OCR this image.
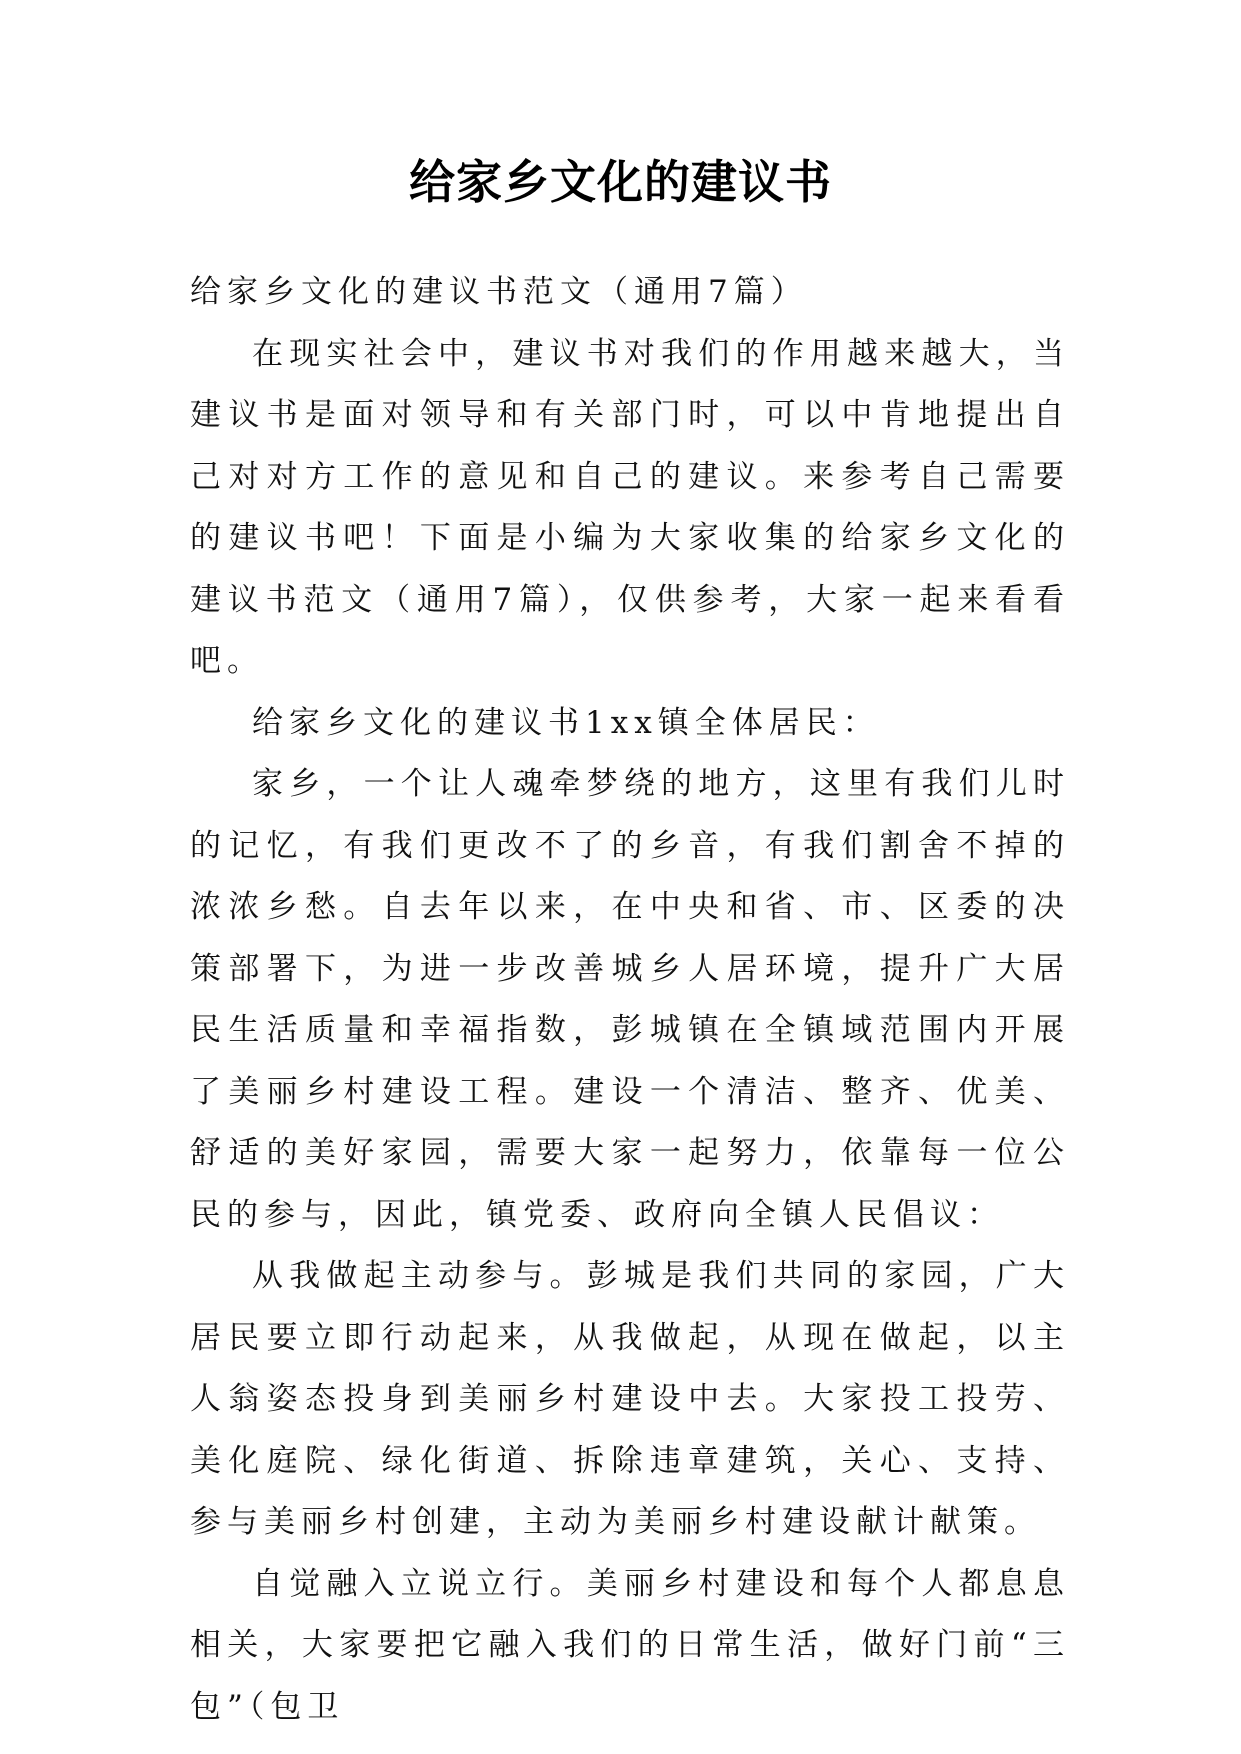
给家乡文化的建议书

给家乡文化的建议书范文（通用7篇）

在现实社会中，建议书对我们的作用越来越大，当建议书是面对领导和有关部门时，可以中肯地提出自己对对方工作的意见和自己的建议。来参考自己需要的建议书吧！下面是小编为大家收集的给家乡文化的建议书范文（通用7篇），仅供参考，大家一起来看看吧。

给家乡文化的建议书1xx镇全体居民：

家乡，一个让人魂牵梦绕的地方，这里有我们儿时的记忆，有我们更改不了的乡音，有我们割舍不掉的浓浓乡愁。自去年以来，在中央和省、市、区委的决策部署下，为进一步改善城乡人居环境，提升广大居民生活质量和幸福指数，彭城镇在全镇域范围内开展了美丽乡村建设工程。建设一个清洁、整齐、优美、舒适的美好家园，需要大家一起努力，依靠每一位公民的参与，因此，镇党委、政府向全镇人民倡议：

从我做起主动参与。彭城是我们共同的家园，广大居民要立即行动起来，从我做起，从现在做起，以主人翁姿态投身到美丽乡村建设中去。大家投工投劳、美化庭院、绿化街道、拆除违章建筑，关心、支持、参与美丽乡村创建，主动为美丽乡村建设献计献策。

自觉融入立说立行。美丽乡村建设和每个人都息息相关，大家要把它融入我们的日常生活，做好门前“三包”（包卫
